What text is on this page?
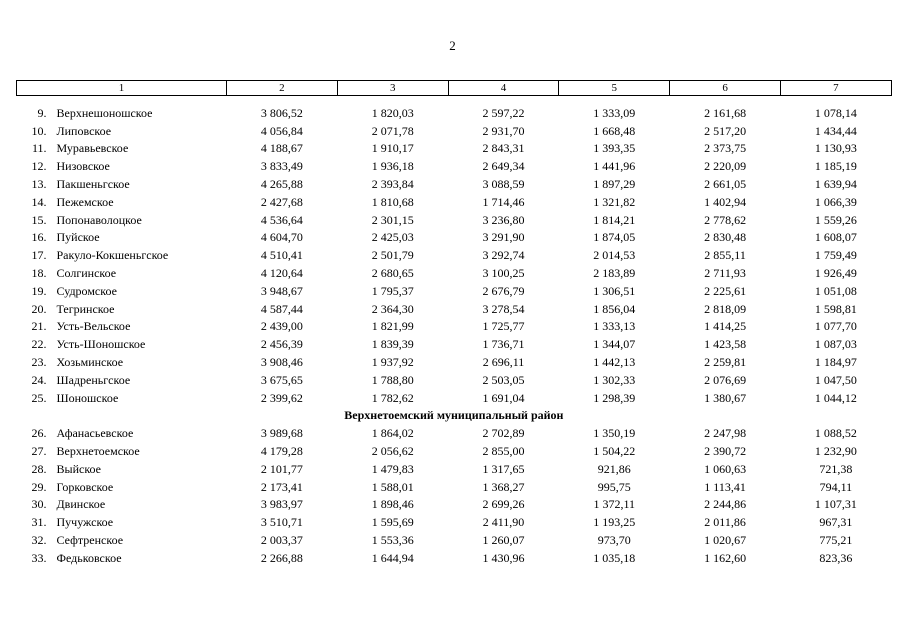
2
1	2	3	4	5	6	7

9. Верхнешоношское	3 806,52	1 820,03	2 597,22	1 333,09	2 161,68	1 078,14
10. Липовское	4 056,84	2 071,78	2 931,70	1 668,48	2 517,20	1 434,44
11. Муравьевское	4 188,67	1 910,17	2 843,31	1 393,35	2 373,75	1 130,93
12. Низовское	3 833,49	1 936,18	2 649,34	1 441,96	2 220,09	1 185,19
13. Пакшеньгское	4 265,88	2 393,84	3 088,59	1 897,29	2 661,05	1 639,94
14. Пежемское	2 427,68	1 810,68	1 714,46	1 321,82	1 402,94	1 066,39
15. Попонаволоцкое	4 536,64	2 301,15	3 236,80	1 814,21	2 778,62	1 559,26
16. Пуйское	4 604,70	2 425,03	3 291,90	1 874,05	2 830,48	1 608,07
17. Ракуло-Кокшеньгское	4 510,41	2 501,79	3 292,74	2 014,53	2 855,11	1 759,49
18. Солгинское	4 120,64	2 680,65	3 100,25	2 183,89	2 711,93	1 926,49
19. Судромское	3 948,67	1 795,37	2 676,79	1 306,51	2 225,61	1 051,08
20. Тегринское	4 587,44	2 364,30	3 278,54	1 856,04	2 818,09	1 598,81
21. Усть-Вельское	2 439,00	1 821,99	1 725,77	1 333,13	1 414,25	1 077,70
22. Усть-Шоношское	2 456,39	1 839,39	1 736,71	1 344,07	1 423,58	1 087,03
23. Хозьминское	3 908,46	1 937,92	2 696,11	1 442,13	2 259,81	1 184,97
24. Шадреньгское	3 675,65	1 788,80	2 503,05	1 302,33	2 076,69	1 047,50
25. Шоношское	2 399,62	1 782,62	1 691,04	1 298,39	1 380,67	1 044,12
Верхнетоемский муниципальный район						
26. Афанасьевское	3 989,68	1 864,02	2 702,89	1 350,19	2 247,98	1 088,52
27. Верхнетоемское	4 179,28	2 056,62	2 855,00	1 504,22	2 390,72	1 232,90
28. Выйское	2 101,77	1 479,83	1 317,65	921,86	1 060,63	721,38
29. Горковское	2 173,41	1 588,01	1 368,27	995,75	1 113,41	794,11
30. Двинское	3 983,97	1 898,46	2 699,26	1 372,11	2 244,86	1 107,31
31. Пучужское	3 510,71	1 595,69	2 411,90	1 193,25	2 011,86	967,31
32. Сефтренское	2 003,37	1 553,36	1 260,07	973,70	1 020,67	775,21
33. Федьковское	2 266,88	1 644,94	1 430,96	1 035,18	1 162,60	823,36
